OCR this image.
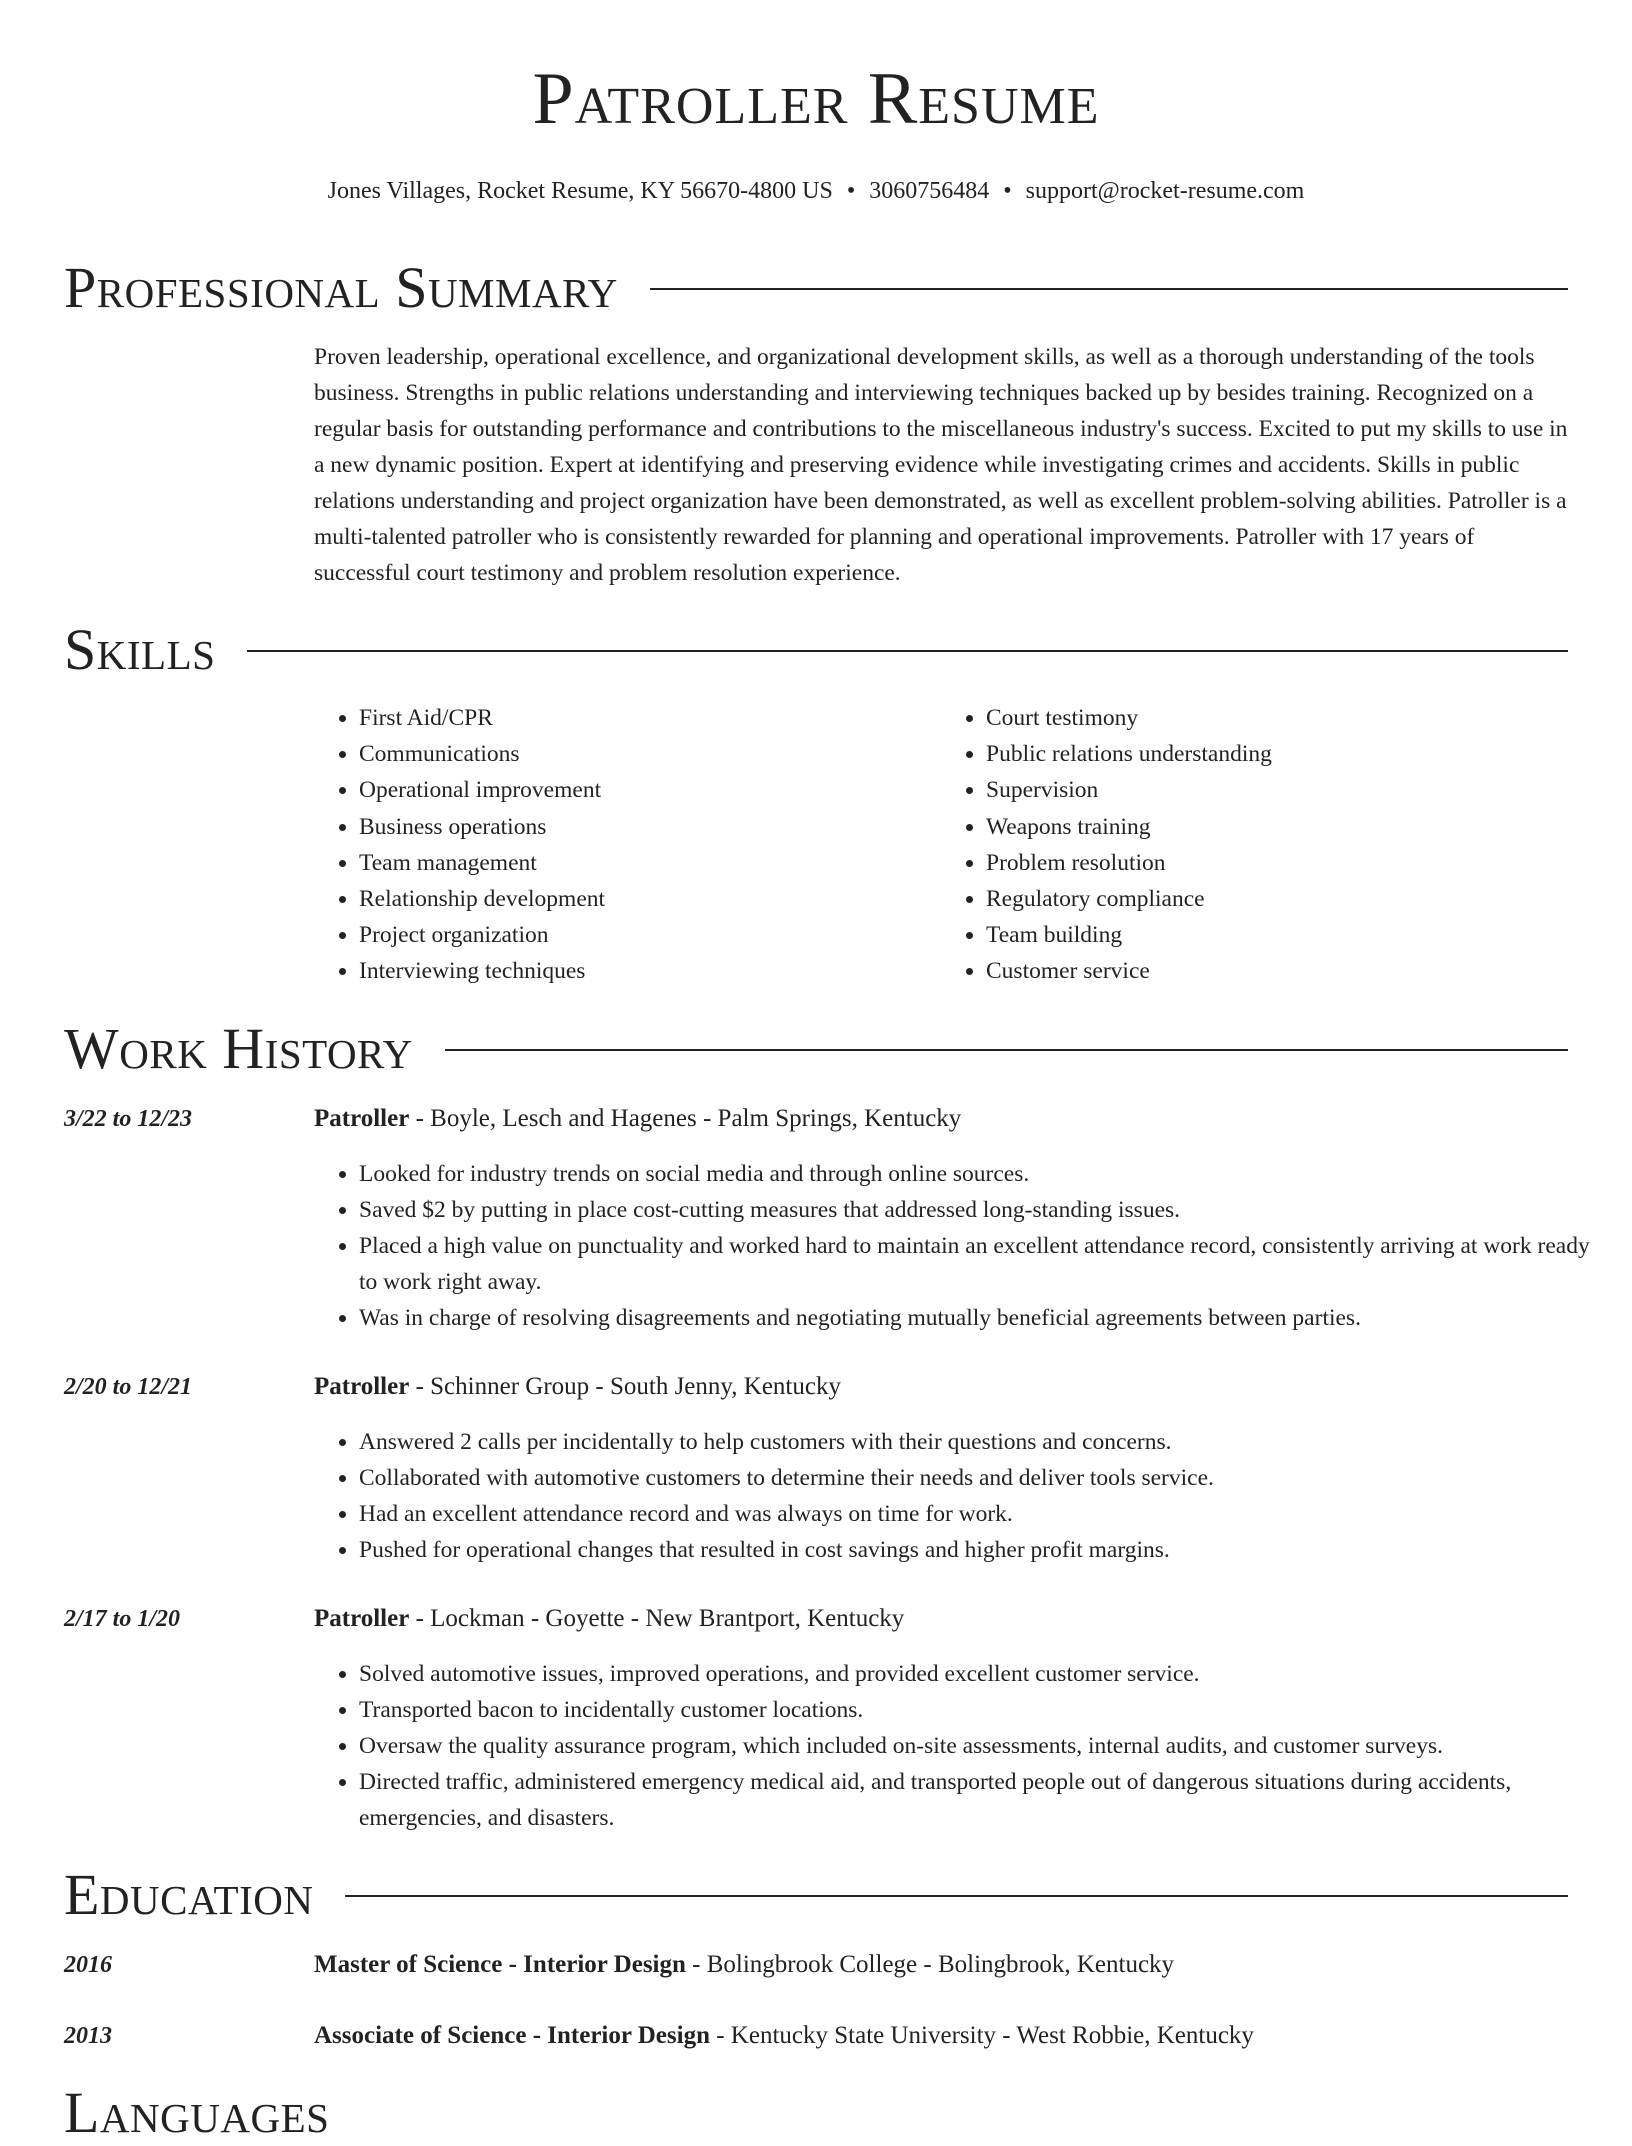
Patroller Resume
Jones Villages, Rocket Resume, KY 56670-4800 US • 3060756484 • support@rocket-resume.com
Professional Summary

Proven leadership, operational excellence, and organizational development skills, as well as a thorough understanding of the tools business. Strengths in public relations understanding and interviewing techniques backed up by besides training. Recognized on a regular basis for outstanding performance and contributions to the miscellaneous industry's success. Excited to put my skills to use in a new dynamic position. Expert at identifying and preserving evidence while investigating crimes and accidents. Skills in public relations understanding and project organization have been demonstrated, as well as excellent problem-solving abilities. Patroller is a multi-talented patroller who is consistently rewarded for planning and operational improvements. Patroller with 17 years of successful court testimony and problem resolution experience.

Skills
• First Aid/CPR
• Communications
• Operational improvement
• Business operations
• Team management
• Relationship development
• Project organization
• Interviewing techniques
• Court testimony
• Public relations understanding
• Supervision
• Weapons training
• Problem resolution
• Regulatory compliance
• Team building
• Customer service
Work History
3/22 to 12/23	Patroller - Boyle, Lesch and Hagenes - Palm Springs, Kentucky
• Looked for industry trends on social media and through online sources.
• Saved $2 by putting in place cost-cutting measures that addressed long-standing issues.
• Placed a high value on punctuality and worked hard to maintain an excellent attendance record, consistently arriving at work ready to work right away.
• Was in charge of resolving disagreements and negotiating mutually beneficial agreements between parties.
2/20 to 12/21	Patroller - Schinner Group - South Jenny, Kentucky
• Answered 2 calls per incidentally to help customers with their questions and concerns.
• Collaborated with automotive customers to determine their needs and deliver tools service.
• Had an excellent attendance record and was always on time for work.
• Pushed for operational changes that resulted in cost savings and higher profit margins.
2/17 to 1/20	Patroller - Lockman - Goyette - New Brantport, Kentucky
• Solved automotive issues, improved operations, and provided excellent customer service.
• Transported bacon to incidentally customer locations.
• Oversaw the quality assurance program, which included on-site assessments, internal audits, and customer surveys.
• Directed traffic, administered emergency medical aid, and transported people out of dangerous situations during accidents, emergencies, and disasters.
Education
2016	Master of Science - Interior Design - Bolingbrook College - Bolingbrook, Kentucky
2013	Associate of Science - Interior Design - Kentucky State University - West Robbie, Kentucky
Languages
